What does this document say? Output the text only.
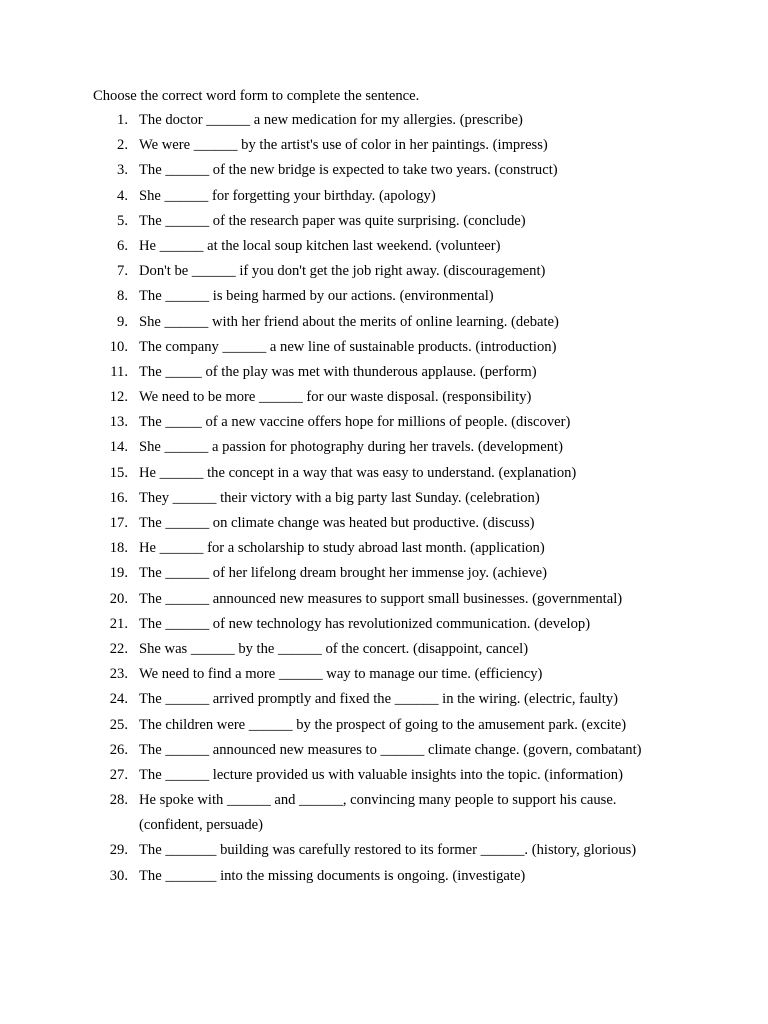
Choose the correct word form to complete the sentence.
1. The doctor ______ a new medication for my allergies. (prescribe)
2. We were ______ by the artist's use of color in her paintings. (impress)
3. The ______ of the new bridge is expected to take two years. (construct)
4. She ______ for forgetting your birthday. (apology)
5. The ______ of the research paper was quite surprising. (conclude)
6. He ______ at the local soup kitchen last weekend. (volunteer)
7. Don't be ______ if you don't get the job right away. (discouragement)
8. The ______ is being harmed by our actions. (environmental)
9. She ______ with her friend about the merits of online learning. (debate)
10. The company ______ a new line of sustainable products. (introduction)
11. The _____ of the play was met with thunderous applause. (perform)
12. We need to be more ______ for our waste disposal. (responsibility)
13. The _____ of a new vaccine offers hope for millions of people. (discover)
14. She ______ a passion for photography during her travels. (development)
15. He ______ the concept in a way that was easy to understand. (explanation)
16. They ______ their victory with a big party last Sunday. (celebration)
17. The ______ on climate change was heated but productive. (discuss)
18. He ______ for a scholarship to study abroad last month. (application)
19. The ______ of her lifelong dream brought her immense joy. (achieve)
20. The ______ announced new measures to support small businesses. (governmental)
21. The ______ of new technology has revolutionized communication. (develop)
22. She was ______ by the ______ of the concert. (disappoint, cancel)
23. We need to find a more ______ way to manage our time. (efficiency)
24. The ______ arrived promptly and fixed the ______ in the wiring. (electric, faulty)
25. The children were ______ by the prospect of going to the amusement park. (excite)
26. The ______ announced new measures to ______ climate change. (govern, combatant)
27. The ______ lecture provided us with valuable insights into the topic. (information)
28. He spoke with ______ and ______, convincing many people to support his cause.
(confident, persuade)
29. The _______ building was carefully restored to its former ______. (history, glorious)
30. The _______ into the missing documents is ongoing. (investigate)
